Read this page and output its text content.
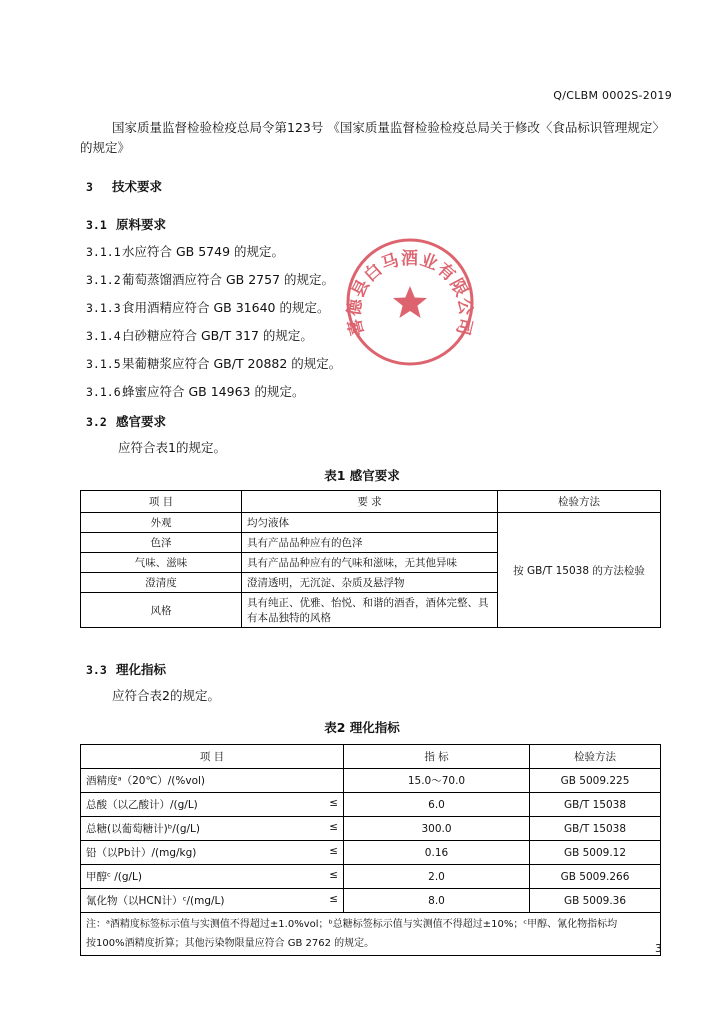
Q/CLBM 0002S-2019
国家质量监督检验检疫总局令第123号 《国家质量监督检验检疫总局关于修改〈食品标识管理规定〉
的规定》
3 技术要求
3.1 原料要求
3.1.1水应符合 GB 5749 的规定。
3.1.2葡萄蒸馏酒应符合 GB 2757 的规定。
3.1.3食用酒精应符合 GB 31640 的规定。
3.1.4白砂糖应符合 GB/T 317 的规定。
3.1.5果葡糖浆应符合 GB/T 20882 的规定。
3.1.6蜂蜜应符合 GB 14963 的规定。
3.2 感官要求
应符合表1的规定。
表1 感官要求
项 目	要 求	检验方法
外观	均匀液体	按 GB/T 15038 的方法检验
色泽	具有产品品种应有的色泽	
气味、滋味	具有产品品种应有的气味和滋味，无其他异味	
澄清度	澄清透明，无沉淀、杂质及悬浮物	
风格	具有纯正、优雅、怡悦、和谐的酒香，酒体完整、具
有本品独特的风格	
3.3 理化指标
应符合表2的规定。
表2 理化指标
项 目	指 标	检验方法
酒精度ᵃ（20℃）/(%vol)	15.0～70.0	GB 5009.225
总酸（以乙酸计）/(g/L) ≤	6.0	GB/T 15038
总糖(以葡萄糖计)ᵇ/(g/L) ≤	300.0	GB/T 15038
铅（以Pb计）/(mg/kg) ≤	0.16	GB 5009.12
甲醇ᶜ /(g/L) ≤	2.0	GB 5009.266
氰化物（以HCN计）ᶜ/(mg/L) ≤	8.0	GB 5009.36

注：ᵃ酒精度标签标示值与实测值不得超过±1.0%vol；ᵇ总糖标签标示值与实测值不得超过±10%；ᶜ甲醇、氰化物指标均
按100%酒精度折算；其他污染物限量应符合 GB 2762 的规定。		
喜德县白马酒业有限公司
3
